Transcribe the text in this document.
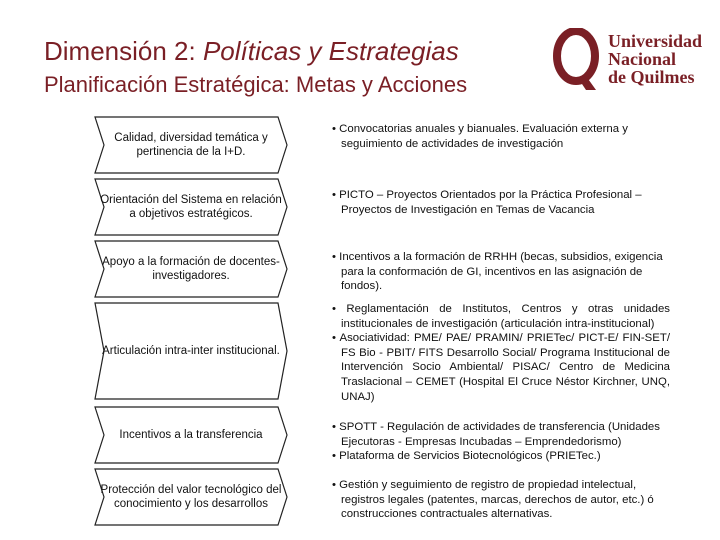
Dimensión 2: Políticas y Estrategias
Planificación Estratégica: Metas y Acciones
Universidad
Nacional
de Quilmes
Calidad, diversidad temática y pertinencia de la I+D.

• Convocatorias anuales y bianuales. Evaluación externa y seguimiento de actividades de investigación

Orientación del Sistema en relación a objetivos estratégicos.

• PICTO – Proyectos Orientados por la Práctica Profesional – Proyectos de Investigación en Temas de Vacancia

Apoyo a la formación de docentes-investigadores.

• Incentivos a la formación de RRHH (becas, subsidios, exigencia para la conformación de GI, incentivos en las asignación de fondos).

Articulación intra-inter institucional.

• Reglamentación de Institutos, Centros y otras unidades institucionales de investigación (articulación intra-institucional)

• Asociatividad: PME/ PAE/ PRAMIN/ PRIETec/ PICT-E/ FIN-SET/ FS Bio - PBIT/ FITS Desarrollo Social/ Programa Institucional de Intervención Socio Ambiental/ PISAC/ Centro de Medicina Traslacional – CEMET (Hospital El Cruce Néstor Kirchner, UNQ, UNAJ)

Incentivos a la transferencia

• SPOTT - Regulación de actividades de transferencia (Unidades Ejecutoras - Empresas Incubadas – Emprendedorismo)

• Plataforma de Servicios Biotecnológicos (PRIETec.)

Protección del valor tecnológico del conocimiento y los desarrollos

• Gestión y seguimiento de registro de propiedad intelectual, registros legales (patentes, marcas, derechos de autor, etc.) ó construcciones contractuales alternativas.
